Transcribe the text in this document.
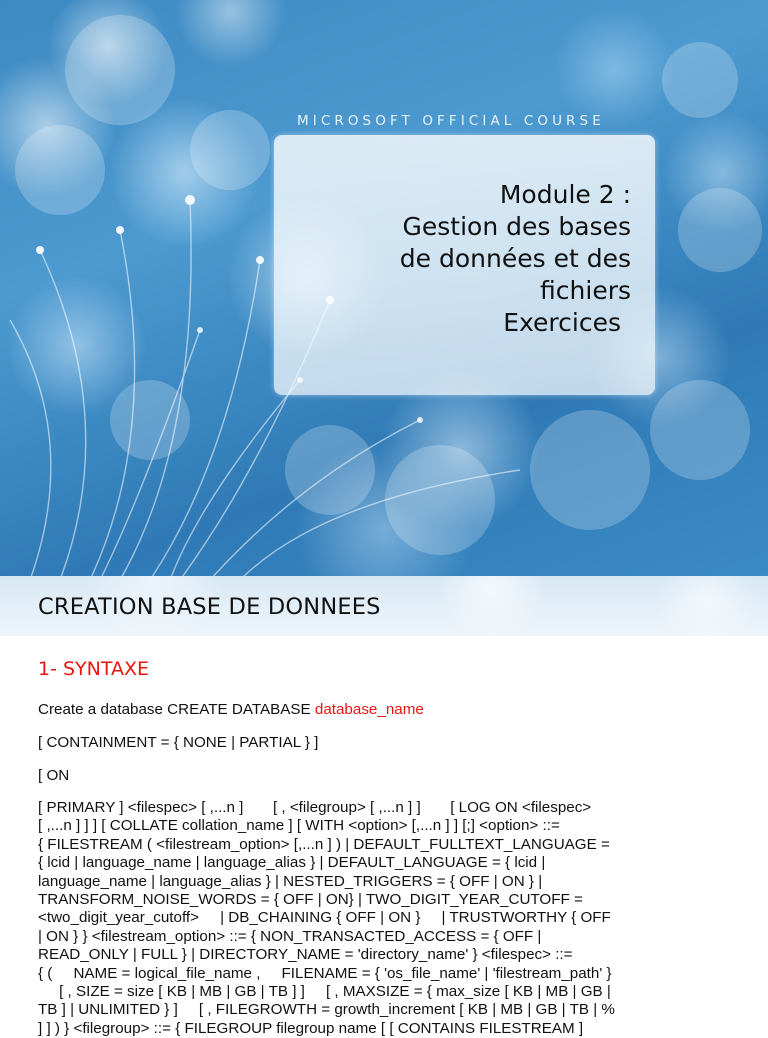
MICROSOFT OFFICIAL COURSE
Module 2 :
Gestion des bases
de données et des
fichiers
Exercices
CREATION BASE DE DONNEES
1- SYNTAXE

Create a database CREATE DATABASE database_name

[ CONTAINMENT = { NONE | PARTIAL } ]

[ ON

[ PRIMARY ] <filespec> [ ,...n ]       [ , <filegroup> [ ,...n ] ]       [ LOG ON <filespec>
[ ,...n ] ] ] [ COLLATE collation_name ] [ WITH <option> [,...n ] ] [;] <option> ::=
{ FILESTREAM ( <filestream_option> [,...n ] ) | DEFAULT_FULLTEXT_LANGUAGE =
{ lcid | language_name | language_alias } | DEFAULT_LANGUAGE = { lcid |
language_name | language_alias } | NESTED_TRIGGERS = { OFF | ON } |
TRANSFORM_NOISE_WORDS = { OFF | ON} | TWO_DIGIT_YEAR_CUTOFF =
<two_digit_year_cutoff>     | DB_CHAINING { OFF | ON }     | TRUSTWORTHY { OFF
| ON } } <filestream_option> ::= { NON_TRANSACTED_ACCESS = { OFF |
READ_ONLY | FULL } | DIRECTORY_NAME = 'directory_name' } <filespec> ::=
{ (     NAME = logical_file_name ,     FILENAME = { 'os_file_name' | 'filestream_path' }
[ , SIZE = size [ KB | MB | GB | TB ] ]     [ , MAXSIZE = { max_size [ KB | MB | GB |
TB ] | UNLIMITED } ]     [ , FILEGROWTH = growth_increment [ KB | MB | GB | TB | %
] ] ) } <filegroup> ::= { FILEGROUP filegroup name [ [ CONTAINS FILESTREAM ]
